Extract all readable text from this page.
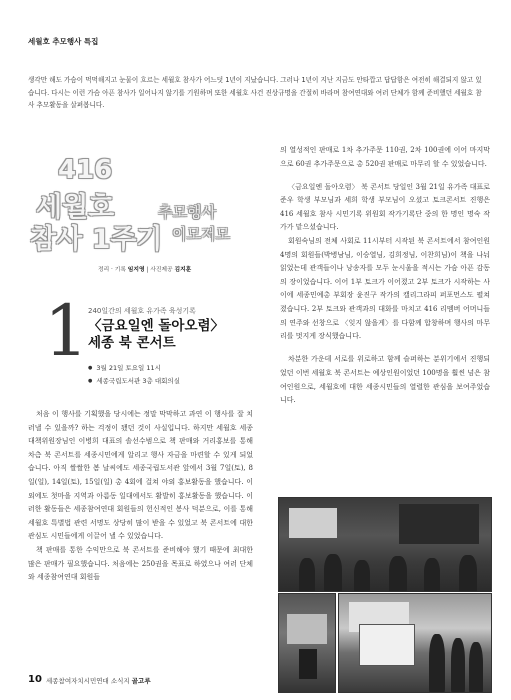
세월호 추모행사 특집
생각만 해도 가슴이 먹먹해지고 눈물이 흐르는 세월호 참사가 어느덧 1년이 지났습니다. 그러나 1년이 지난 지금도 안타깝고 답답함은 여전히 해결되지 않고 있습니다. 다시는 이런 가슴 아픈 참사가 일어나지 않기를 기원하며 또한 세월호 사건 진상규명을 간절히 바라며 참여연대와 여러 단체가 함께 준비했던 세월호 참사 추모활동을 살펴봅니다.
416
세월호
참사 1주기
추모행사
이모저모
정리 · 기록 임지영 | 사진제공 김지훈
1 240일간의 세월호 유가족 육성기록
〈금요일엔 돌아오렴〉
세종 북 콘서트
● 3월 21일 토요일 11시
● 세종국립도서관 3층 대회의실

처음 이 행사를 기획했을 당시에는 정말 막막하고 과연 이 행사를 잘 치러낼 수 있을까? 하는 걱정이 됐던 것이 사실입니다. 하지만 세월호 세종 대책위원장님인 이병희 대표의 솔선수범으로 책 판매와 거리홍보를 통해 차츰 북 콘서트를 세종시민에게 알리고 행사 자금을 마련할 수 있게 되었습니다. 아직 쌀쌀한 봄 날씨에도 세종국립도서관 앞에서 3월 7일(토), 8일(일), 14일(토), 15일(일) 총 4회에 걸쳐 야외 홍보활동을 했습니다. 이외에도 첫마을 지역과 아름동 일대에서도 활발히 홍보활동을 했습니다. 이러한 활동들은 세종참여연대 회원들의 헌신적인 봉사 덕분으로, 이를 통해 세월호 특별법 관련 서명도 상당히 많이 받을 수 있었고 북 콘서트에 대한 관심도 시민들에게 이끌어 낼 수 있었습니다.

책 판매를 통한 수익만으로 북 콘서트를 준비해야 했기 때문에 최대한 많은 판매가 필요했습니다. 처음에는 250권을 목표로 하였으나 여러 단체와 세종참여연대 회원들

의 열성적인 판매로 1차 추가주문 110권, 2차 100권에 이어 마지막으로 60권 추가주문으로 총 520권 판매로 마무리 할 수 있었습니다.

〈금요일엔 돌아오렴〉 북 콘서트 당일인 3월 21일 유가족 대표로 준우 학생 부모님과 세희 학생 부모님이 오셨고 토크콘서트 진행은 416 세월호 참사 시민기록 위원회 작가기록단 중의 한 명인 명숙 작가가 맡으셨습니다.

회원숙님의 전체 사회로 11시부터 시작된 북 콘서트에서 참여인원 4명의 회원들(박병남님, 이승열님, 김희정님, 이찬희님)이 책을 나눠 읽었는데 관객들이나 낭송자를 모두 눈시울을 적시는 가슴 아픈 감동의 장이었습니다. 이어 1부 토크가 이어졌고 2부 토크가 시작하는 사이에 세종민예총 부회장 윤진구 작가의 캘리그라피 퍼포먼스도 펼쳐졌습니다. 2부 토크와 관객과의 대화를 마치고 416 리멤버 어머니들의 연주와 선창으로 〈잊지 않을게〉를 다함께 합창하며 행사의 마무리를 멋지게 장식했습니다.

차분한 가운데 서로를 위로하고 함께 슬퍼하는 분위기에서 진행되었던 이번 세월호 북 콘서트는 예상인원이었던 100명을 훨씬 넘은 참여인원으로, 세월호에 대한 세종시민들의 열렬한 관심을 보여주었습니다.

10 세종참여자치시민연대 소식지 골고루
